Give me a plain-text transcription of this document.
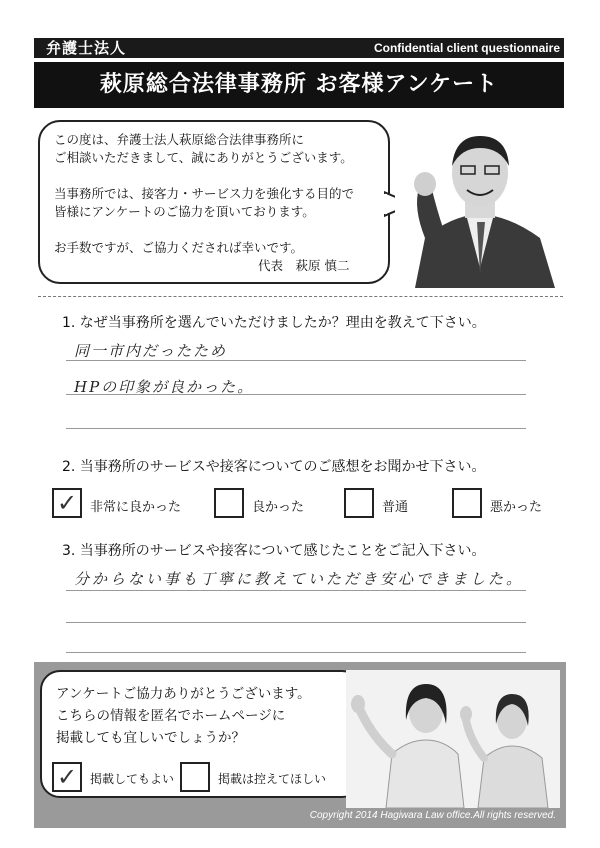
弁護士法人	Confidential client questionnaire
萩原総合法律事務所 お客様アンケート
この度は、弁護士法人萩原総合法律事務所に
ご相談いただきまして、誠にありがとうございます。
当事務所では、接客力・サービス力を強化する目的で
皆様にアンケートのご協力を頂いております。
お手数ですが、ご協力くだされば幸いです。
代表　萩原 慎二
1. なぜ当事務所を選んでいただけましたか？理由を教えて下さい。
同一市内だったため
HPの印象が良かった。
2. 当事務所のサービスや接客についてのご感想をお聞かせ下さい。
✓ 非常に良かった	良かった	普通	悪かった
3. 当事務所のサービスや接客について感じたことをご記入下さい。
分からない事も丁寧に教えていただき安心できました。
アンケートご協力ありがとうございます。
こちらの情報を匿名でホームページに
掲載しても宜しいでしょうか？
✓ 掲載してもよい	掲載は控えてほしい
Copyright 2014 Hagiwara Law office.All rights reserved.
